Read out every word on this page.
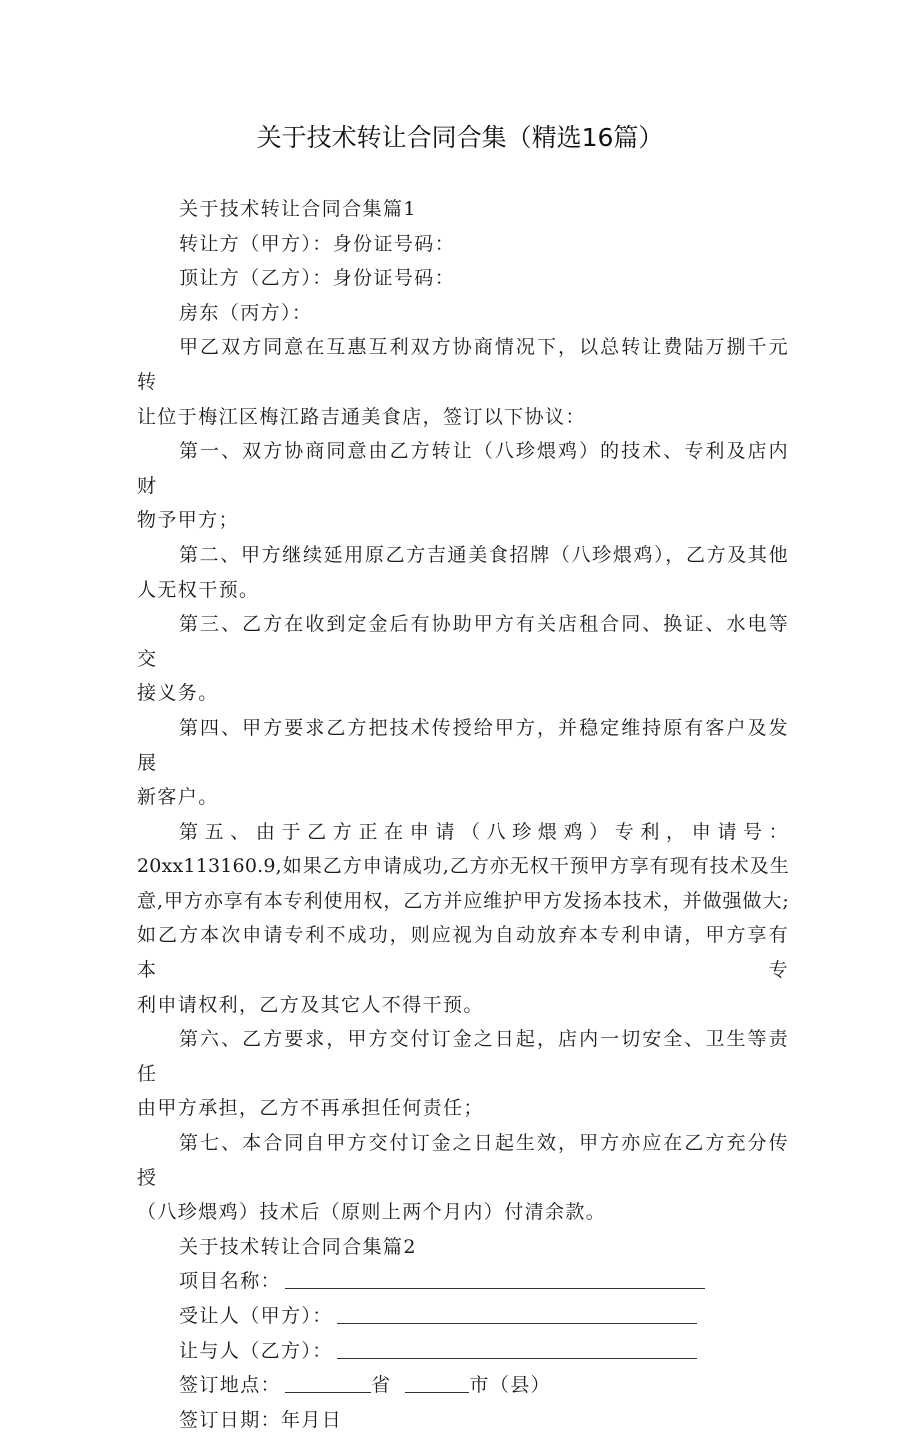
关于技术转让合同合集（精选16篇）

关于技术转让合同合集篇1

转让方（甲方）：身份证号码：

顶让方（乙方）：身份证号码：

房东（丙方）：

甲乙双方同意在互惠互利双方协商情况下，以总转让费陆万捌千元转

让位于梅江区梅江路吉通美食店，签订以下协议：

第一、双方协商同意由乙方转让（八珍煨鸡）的技术、专利及店内财

物予甲方；

第二、甲方继续延用原乙方吉通美食招牌（八珍煨鸡），乙方及其他

人无权干预。

第三、乙方在收到定金后有协助甲方有关店租合同、换证、水电等交

接义务。

第四、甲方要求乙方把技术传授给甲方，并稳定维持原有客户及发展

新客户。

第五、由于乙方正在申请（八珍煨鸡）专利，申请号：

20xx113160.9,如果乙方申请成功,乙方亦无权干预甲方享有现有技术及生

意,甲方亦享有本专利使用权，乙方并应维护甲方发扬本技术，并做强做大;

如乙方本次申请专利不成功，则应视为自动放弃本专利申请，甲方享有本专

利申请权利，乙方及其它人不得干预。

第六、乙方要求，甲方交付订金之日起，店内一切安全、卫生等责任

由甲方承担，乙方不再承担任何责任；

第七、本合同自甲方交付订金之日起生效，甲方亦应在乙方充分传授

（八珍煨鸡）技术后（原则上两个月内）付清余款。

关于技术转让合同合集篇2

项目名称：

受让人（甲方）：

让与人（乙方）：

签订地点：	省	市（县）

签订日期：年月日
